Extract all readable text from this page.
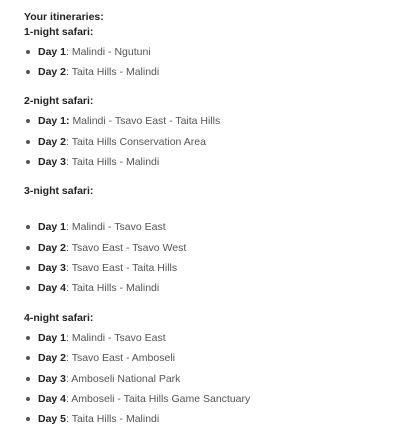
Your itineraries:
1-night safari:
Day 1: Malindi - Ngutuni
Day 2: Taita Hills - Malindi
2-night safari:
Day 1: Malindi - Tsavo East - Taita Hills
Day 2: Taita Hills Conservation Area
Day 3: Taita Hills - Malindi
3-night safari:
Day 1: Malindi - Tsavo East
Day 2: Tsavo East - Tsavo West
Day 3: Tsavo East - Taita Hills
Day 4: Taita Hills - Malindi
4-night safari:
Day 1: Malindi - Tsavo East
Day 2: Tsavo East - Amboseli
Day 3: Amboseli National Park
Day 4: Amboseli - Taita Hills Game Sanctuary
Day 5: Taita Hills - Malindi
